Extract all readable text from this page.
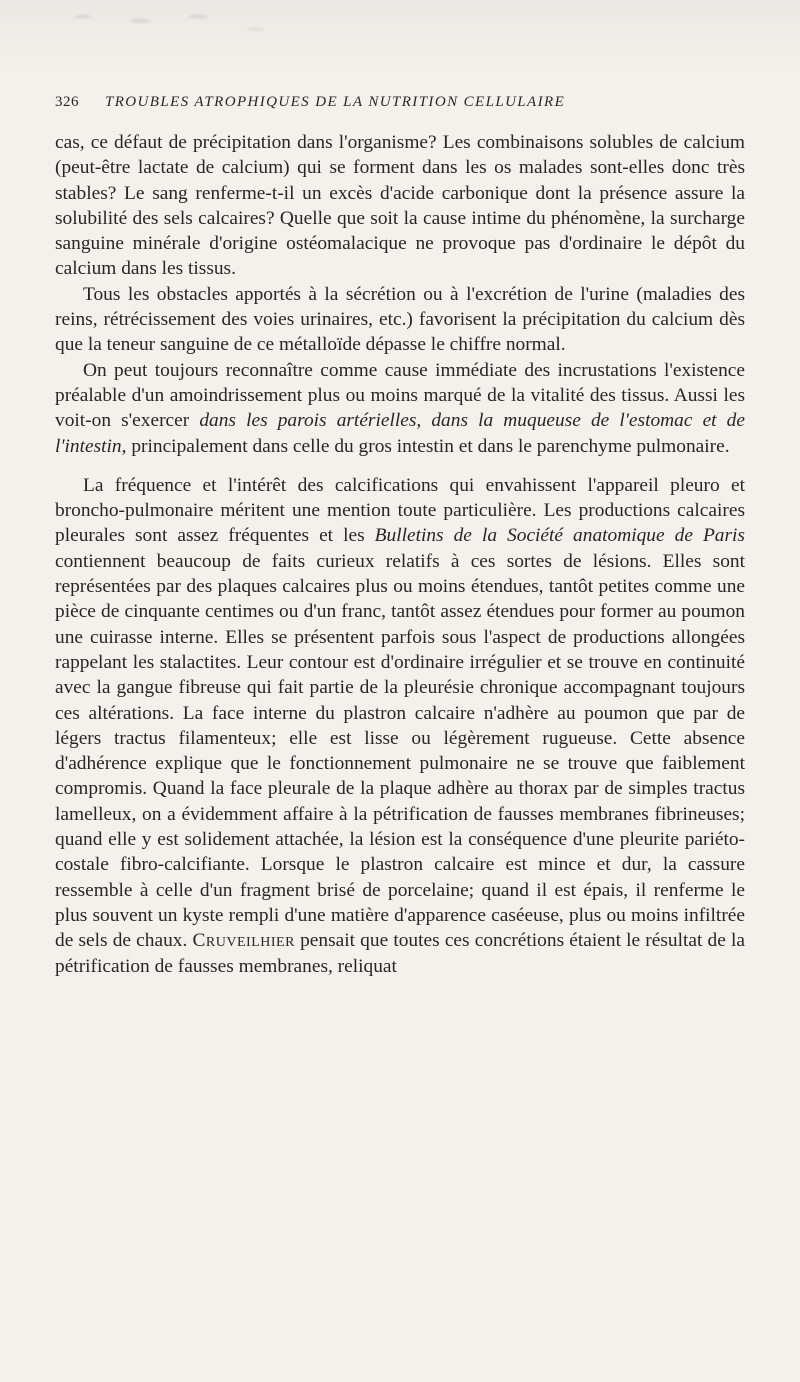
326 TROUBLES ATROPHIQUES DE LA NUTRITION CELLULAIRE

cas, ce défaut de précipitation dans l'organisme? Les combinaisons solubles de calcium (peut-être lactate de calcium) qui se forment dans les os malades sont-elles donc très stables? Le sang renferme-t-il un excès d'acide carbonique dont la présence assure la solubilité des sels calcaires? Quelle que soit la cause intime du phénomène, la surcharge sanguine minérale d'origine ostéomalacique ne provoque pas d'ordinaire le dépôt du calcium dans les tissus.

Tous les obstacles apportés à la sécrétion ou à l'excrétion de l'urine (maladies des reins, rétrécissement des voies urinaires, etc.) favorisent la précipitation du calcium dès que la teneur sanguine de ce métalloïde dépasse le chiffre normal.

On peut toujours reconnaître comme cause immédiate des incrustations l'existence préalable d'un amoindrissement plus ou moins marqué de la vitalité des tissus. Aussi les voit-on s'exercer dans les parois artérielles, dans la muqueuse de l'estomac et de l'intestin, principalement dans celle du gros intestin et dans le parenchyme pulmonaire.

La fréquence et l'intérêt des calcifications qui envahissent l'appareil pleuro et broncho-pulmonaire méritent une mention toute particulière. Les productions calcaires pleurales sont assez fréquentes et les Bulletins de la Société anatomique de Paris contiennent beaucoup de faits curieux relatifs à ces sortes de lésions. Elles sont représentées par des plaques calcaires plus ou moins étendues, tantôt petites comme une pièce de cinquante centimes ou d'un franc, tantôt assez étendues pour former au poumon une cuirasse interne. Elles se présentent parfois sous l'aspect de productions allongées rappelant les stalactites. Leur contour est d'ordinaire irrégulier et se trouve en continuité avec la gangue fibreuse qui fait partie de la pleurésie chronique accompagnant toujours ces altérations. La face interne du plastron calcaire n'adhère au poumon que par de légers tractus filamenteux; elle est lisse ou légèrement rugueuse. Cette absence d'adhérence explique que le fonctionnement pulmonaire ne se trouve que faiblement compromis. Quand la face pleurale de la plaque adhère au thorax par de simples tractus lamelleux, on a évidemment affaire à la pétrification de fausses membranes fibrineuses; quand elle y est solidement attachée, la lésion est la conséquence d'une pleurite pariéto-costale fibro-calcifiante. Lorsque le plastron calcaire est mince et dur, la cassure ressemble à celle d'un fragment brisé de porcelaine; quand il est épais, il renferme le plus souvent un kyste rempli d'une matière d'apparence caséeuse, plus ou moins infiltrée de sels de chaux. Cruveilhier pensait que toutes ces concrétions étaient le résultat de la pétrification de fausses membranes, reliquat
